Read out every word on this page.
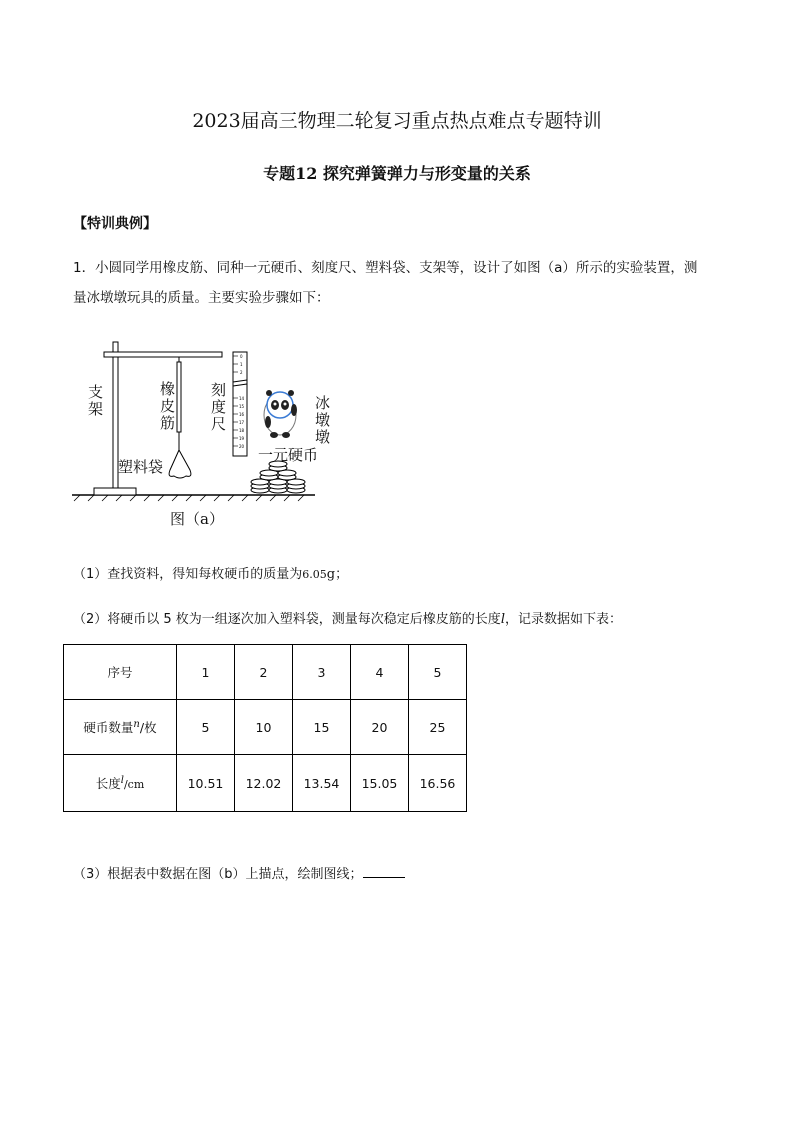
2023届高三物理二轮复习重点热点难点专题特训
专题12 探究弹簧弹力与形变量的关系
【特训典例】
1．小圆同学用橡皮筋、同种一元硬币、刻度尺、塑料袋、支架等，设计了如图（a）所示的实验装置，测
量冰墩墩玩具的质量。主要实验步骤如下：
0
1
2
14
15
16
17
18
19
20
支架
橡皮筋
刻度尺
冰墩墩
一元硬币
塑料袋
图（a）
（1）查找资料，得知每枚硬币的质量为6.05g；
（2）将硬币以 5 枚为一组逐次加入塑料袋，测量每次稳定后橡皮筋的长度l，记录数据如下表：
序号	1	2	3	4	5
硬币数量$^n$/枚	5	10	15	20	25
长度$^l$/cm	10.51	12.02	13.54	15.05	16.56
（3）根据表中数据在图（b）上描点，绘制图线；
